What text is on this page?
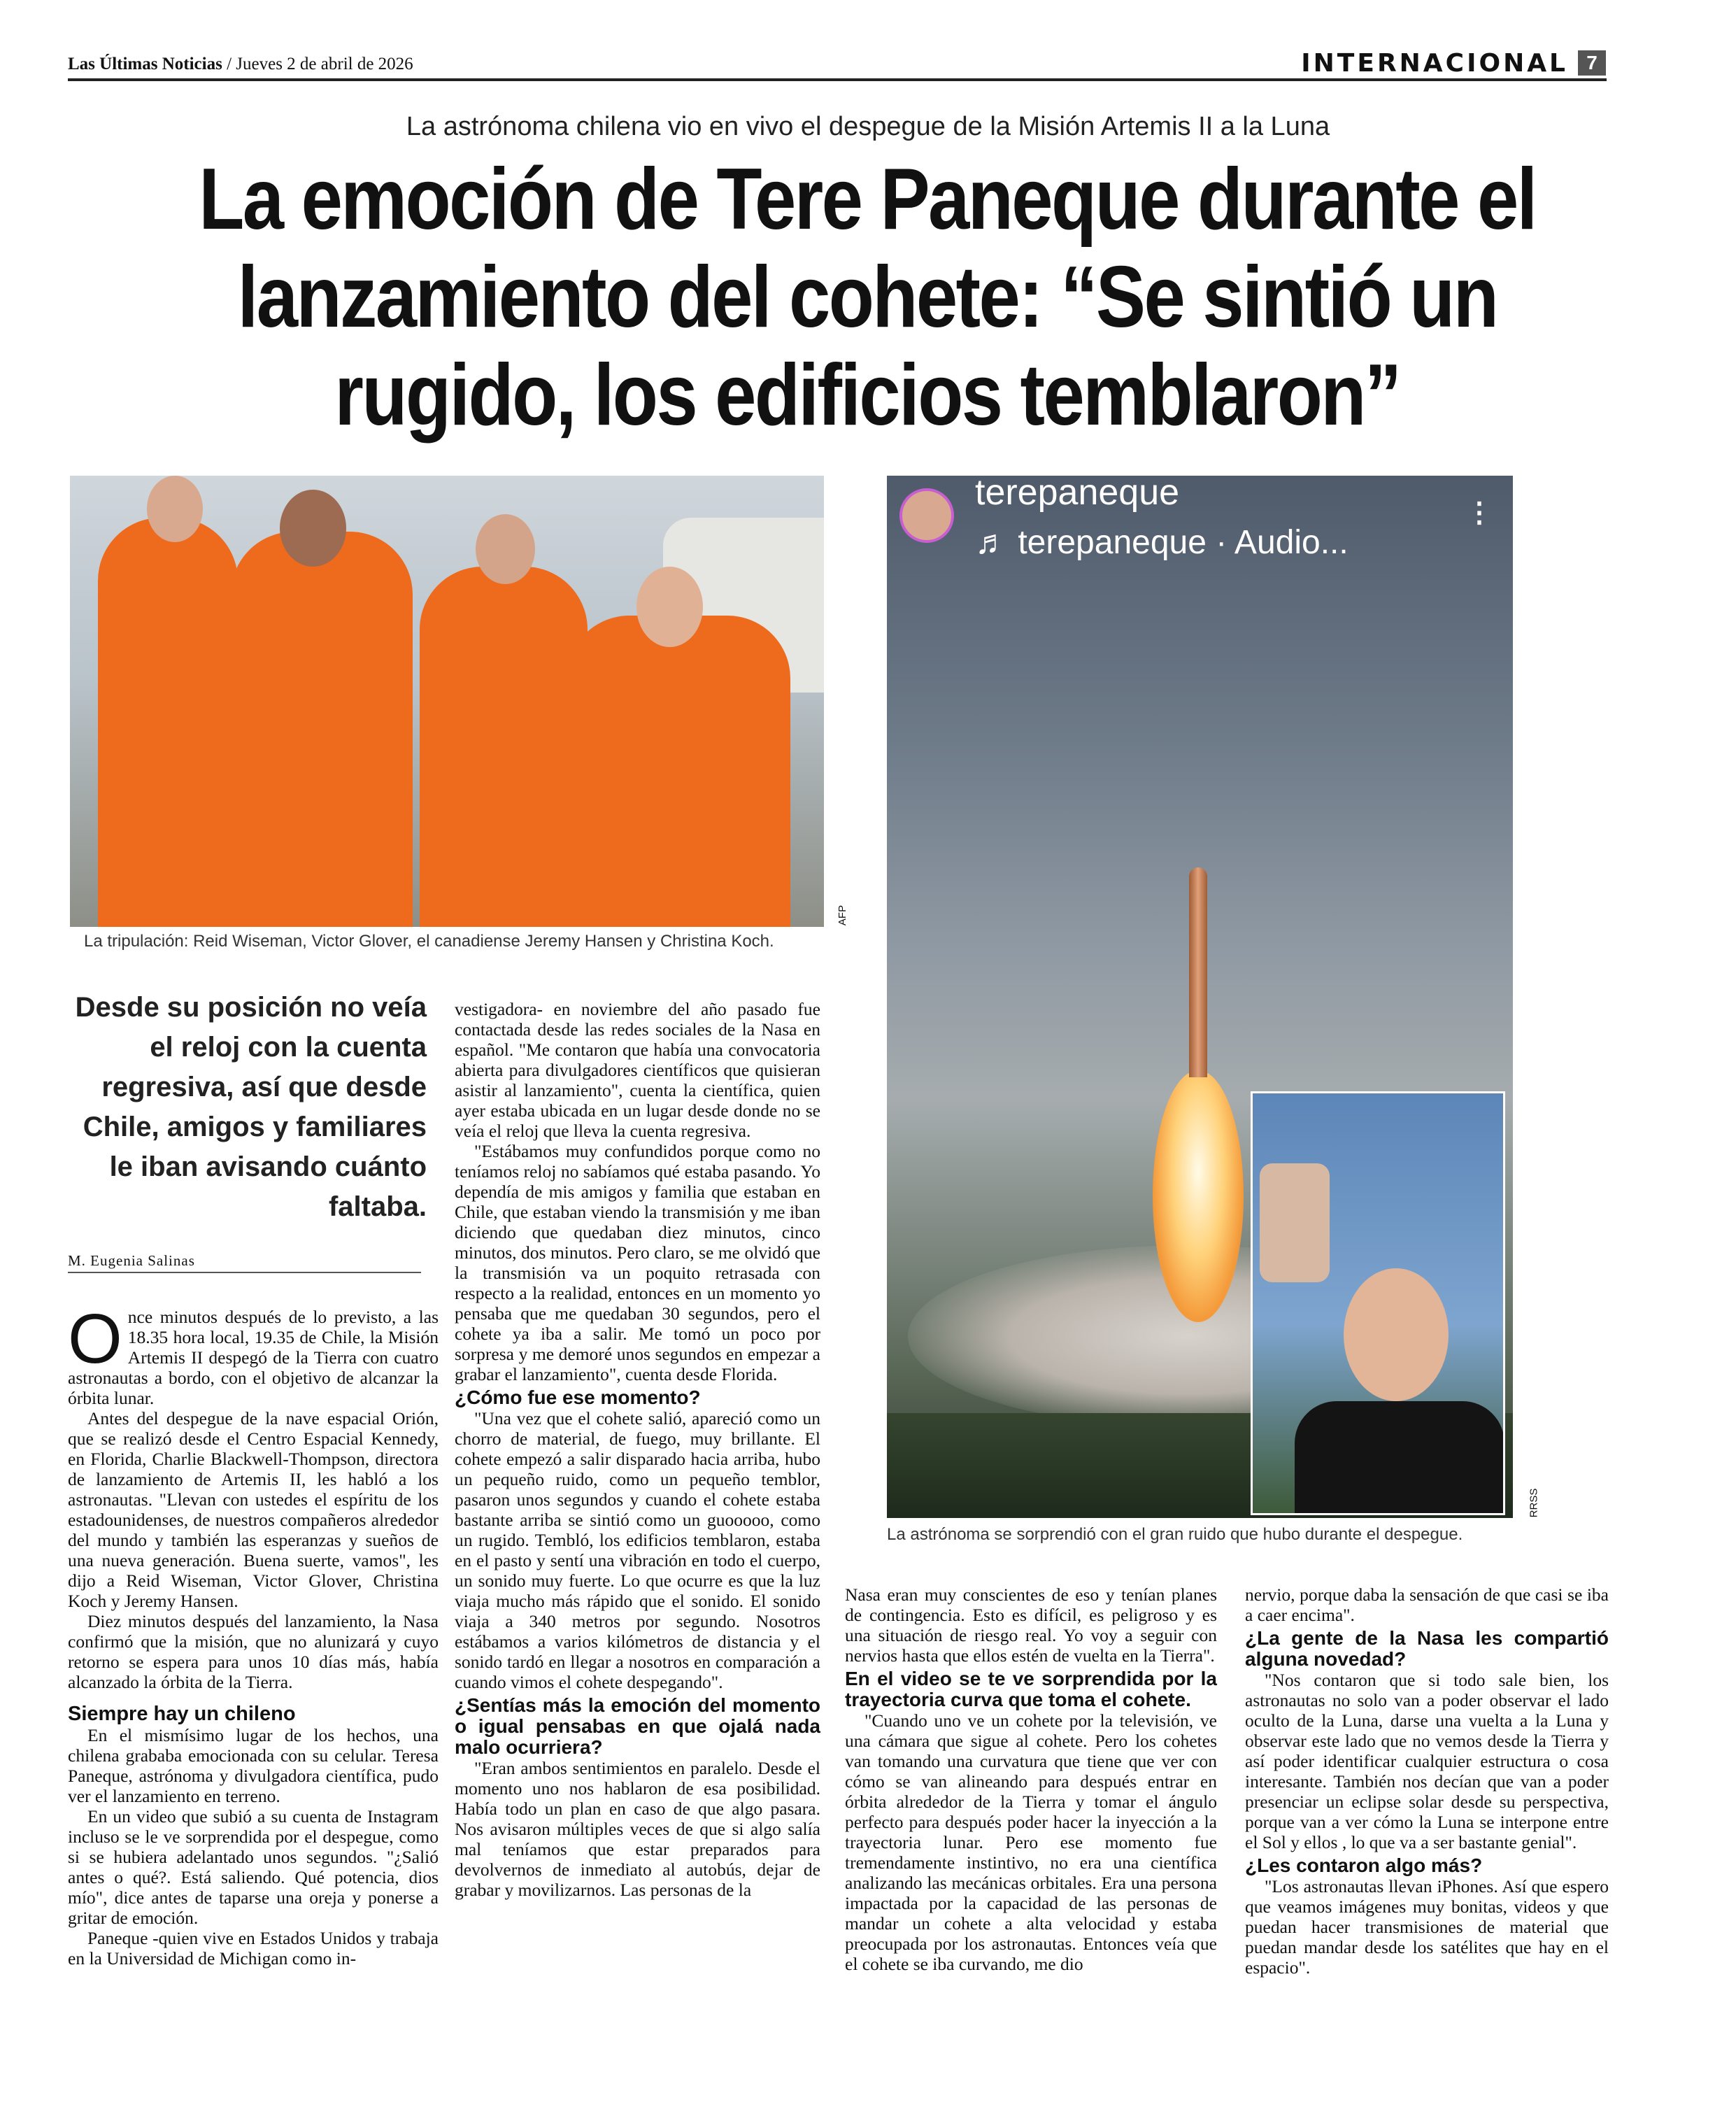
Las Últimas Noticias / Jueves 2 de abril de 2026	INTERNACIONAL 7
La astrónoma chilena vio en vivo el despegue de la Misión Artemis II a la Luna
La emoción de Tere Paneque durante el lanzamiento del cohete: “Se sintió un rugido, los edificios temblaron”
AFP
La tripulación: Reid Wiseman, Victor Glover, el canadiense Jeremy Hansen y Christina Koch.
terepaneque
♬ terepaneque · Audio...
⋮
RRSS
La astrónoma se sorprendió con el gran ruido que hubo durante el despegue.
Desde su posición no veía el reloj con la cuenta regresiva, así que desde Chile, amigos y familiares le iban avisando cuánto faltaba.
M. Eugenia Salinas

Once minutos después de lo previsto, a las 18.35 hora local, 19.35 de Chile, la Misión Artemis II despegó de la Tierra con cuatro astronautas a bordo, con el objetivo de alcanzar la órbita lunar.

Antes del despegue de la nave espacial Orión, que se realizó desde el Centro Espacial Kennedy, en Florida, Charlie Blackwell-Thompson, directora de lanzamiento de Artemis II, les habló a los astronautas. "Llevan con ustedes el espíritu de los estadounidenses, de nuestros compañeros alrededor del mundo y también las esperanzas y sueños de una nueva generación. Buena suerte, vamos", les dijo a Reid Wiseman, Victor Glover, Christina Koch y Jeremy Hansen.

Diez minutos después del lanzamiento, la Nasa confirmó que la misión, que no alunizará y cuyo retorno se espera para unos 10 días más, había alcanzado la órbita de la Tierra.

Siempre hay un chileno

En el mismísimo lugar de los hechos, una chilena grababa emocionada con su celular. Teresa Paneque, astrónoma y divulgadora científica, pudo ver el lanzamiento en terreno.

En un video que subió a su cuenta de Instagram incluso se le ve sorprendida por el despegue, como si se hubiera adelantado unos segundos. "¿Salió antes o qué?. Está saliendo. Qué potencia, dios mío", dice antes de taparse una oreja y ponerse a gritar de emoción.

Paneque -quien vive en Estados Unidos y trabaja en la Universidad de Michigan como in-

vestigadora- en noviembre del año pasado fue contactada desde las redes sociales de la Nasa en español. "Me contaron que había una convocatoria abierta para divulgadores científicos que quisieran asistir al lanzamiento", cuenta la científica, quien ayer estaba ubicada en un lugar desde donde no se veía el reloj que lleva la cuenta regresiva.

"Estábamos muy confundidos porque como no teníamos reloj no sabíamos qué estaba pasando. Yo dependía de mis amigos y familia que estaban en Chile, que estaban viendo la transmisión y me iban diciendo que quedaban diez minutos, cinco minutos, dos minutos. Pero claro, se me olvidó que la transmisión va un poquito retrasada con respecto a la realidad, entonces en un momento yo pensaba que me quedaban 30 segundos, pero el cohete ya iba a salir. Me tomó un poco por sorpresa y me demoré unos segundos en empezar a grabar el lanzamiento", cuenta desde Florida.

¿Cómo fue ese momento?

"Una vez que el cohete salió, apareció como un chorro de material, de fuego, muy brillante. El cohete empezó a salir disparado hacia arriba, hubo un pequeño ruido, como un pequeño temblor, pasaron unos segundos y cuando el cohete estaba bastante arriba se sintió como un guooooo, como un rugido. Tembló, los edificios temblaron, estaba en el pasto y sentí una vibración en todo el cuerpo, un sonido muy fuerte. Lo que ocurre es que la luz viaja mucho más rápido que el sonido. El sonido viaja a 340 metros por segundo. Nosotros estábamos a varios kilómetros de distancia y el sonido tardó en llegar a nosotros en comparación a cuando vimos el cohete despegando".

¿Sentías más la emoción del momento o igual pensabas en que ojalá nada malo ocurriera?

"Eran ambos sentimientos en paralelo. Desde el momento uno nos hablaron de esa posibilidad. Había todo un plan en caso de que algo pasara. Nos avisaron múltiples veces de que si algo salía mal teníamos que estar preparados para devolvernos de inmediato al autobús, dejar de grabar y movilizarnos. Las personas de la

Nasa eran muy conscientes de eso y tenían planes de contingencia. Esto es difícil, es peligroso y es una situación de riesgo real. Yo voy a seguir con nervios hasta que ellos estén de vuelta en la Tierra".

En el video se te ve sorprendida por la trayectoria curva que toma el cohete.

"Cuando uno ve un cohete por la televisión, ve una cámara que sigue al cohete. Pero los cohetes van tomando una curvatura que tiene que ver con cómo se van alineando para después entrar en órbita alrededor de la Tierra y tomar el ángulo perfecto para después poder hacer la inyección a la trayectoria lunar. Pero ese momento fue tremendamente instintivo, no era una científica analizando las mecánicas orbitales. Era una persona impactada por la capacidad de las personas de mandar un cohete a alta velocidad y estaba preocupada por los astronautas. Entonces veía que el cohete se iba curvando, me dio

nervio, porque daba la sensación de que casi se iba a caer encima".

¿La gente de la Nasa les compartió alguna novedad?

"Nos contaron que si todo sale bien, los astronautas no solo van a poder observar el lado oculto de la Luna, darse una vuelta a la Luna y observar este lado que no vemos desde la Tierra y así poder identificar cualquier estructura o cosa interesante. También nos decían que van a poder presenciar un eclipse solar desde su perspectiva, porque van a ver cómo la Luna se interpone entre el Sol y ellos , lo que va a ser bastante genial".

¿Les contaron algo más?

"Los astronautas llevan iPhones. Así que espero que veamos imágenes muy bonitas, videos y que puedan hacer transmisiones de material que puedan mandar desde los satélites que hay en el espacio".
